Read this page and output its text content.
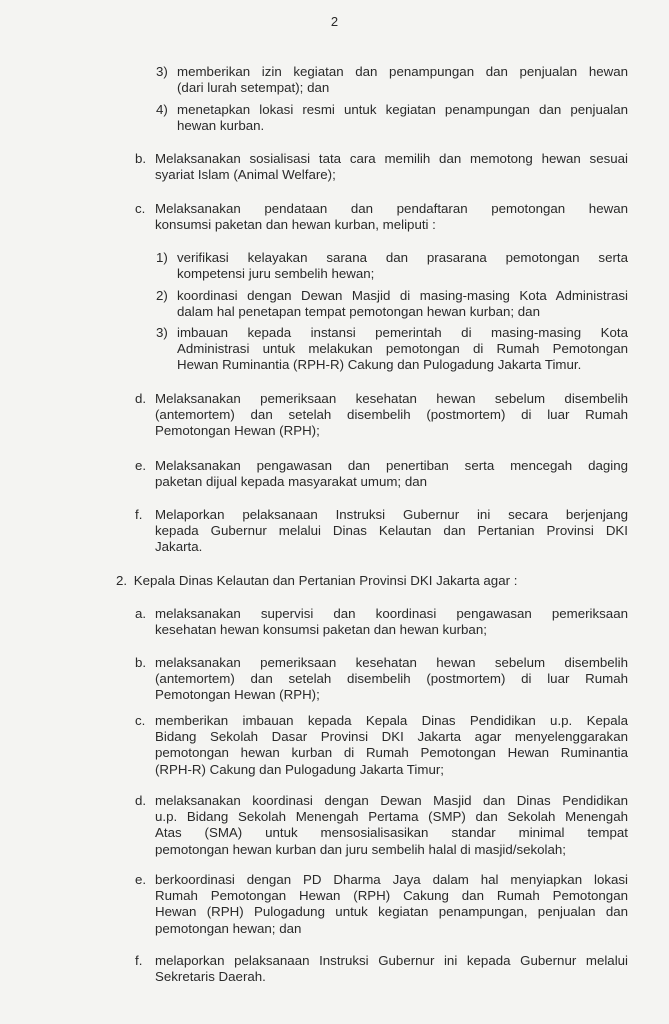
2
3) memberikan izin kegiatan dan penampungan dan penjualan hewan
(dari lurah setempat); dan
4) menetapkan lokasi resmi untuk kegiatan penampungan dan penjualan
hewan kurban.
b. Melaksanakan sosialisasi tata cara memilih dan memotong hewan sesuai
syariat Islam (Animal Welfare);
c. Melaksanakan pendataan dan pendaftaran pemotongan hewan
konsumsi paketan dan hewan kurban, meliputi :
1) verifikasi kelayakan sarana dan prasarana pemotongan serta
kompetensi juru sembelih hewan;
2) koordinasi dengan Dewan Masjid di masing-masing Kota Administrasi
dalam hal penetapan tempat pemotongan hewan kurban; dan
3) imbauan kepada instansi pemerintah di masing-masing Kota
Administrasi untuk melakukan pemotongan di Rumah Pemotongan
Hewan Ruminantia (RPH-R) Cakung dan Pulogadung Jakarta Timur.
d. Melaksanakan pemeriksaan kesehatan hewan sebelum disembelih
(antemortem) dan setelah disembelih (postmortem) di luar Rumah
Pemotongan Hewan (RPH);
e. Melaksanakan pengawasan dan penertiban serta mencegah daging
paketan dijual kepada masyarakat umum; dan
f. Melaporkan pelaksanaan Instruksi Gubernur ini secara berjenjang
kepada Gubernur melalui Dinas Kelautan dan Pertanian Provinsi DKI
Jakarta.
2. Kepala Dinas Kelautan dan Pertanian Provinsi DKI Jakarta agar :
a. melaksanakan supervisi dan koordinasi pengawasan pemeriksaan
kesehatan hewan konsumsi paketan dan hewan kurban;
b. melaksanakan pemeriksaan kesehatan hewan sebelum disembelih
(antemortem) dan setelah disembelih (postmortem) di luar Rumah
Pemotongan Hewan (RPH);
c. memberikan imbauan kepada Kepala Dinas Pendidikan u.p. Kepala
Bidang Sekolah Dasar Provinsi DKI Jakarta agar menyelenggarakan
pemotongan hewan kurban di Rumah Pemotongan Hewan Ruminantia
(RPH-R) Cakung dan Pulogadung Jakarta Timur;
d. melaksanakan koordinasi dengan Dewan Masjid dan Dinas Pendidikan
u.p. Bidang Sekolah Menengah Pertama (SMP) dan Sekolah Menengah
Atas (SMA) untuk mensosialisasikan standar minimal tempat
pemotongan hewan kurban dan juru sembelih halal di masjid/sekolah;
e. berkoordinasi dengan PD Dharma Jaya dalam hal menyiapkan lokasi
Rumah Pemotongan Hewan (RPH) Cakung dan Rumah Pemotongan
Hewan (RPH) Pulogadung untuk kegiatan penampungan, penjualan dan
pemotongan hewan; dan
f. melaporkan pelaksanaan Instruksi Gubernur ini kepada Gubernur melalui
Sekretaris Daerah.
